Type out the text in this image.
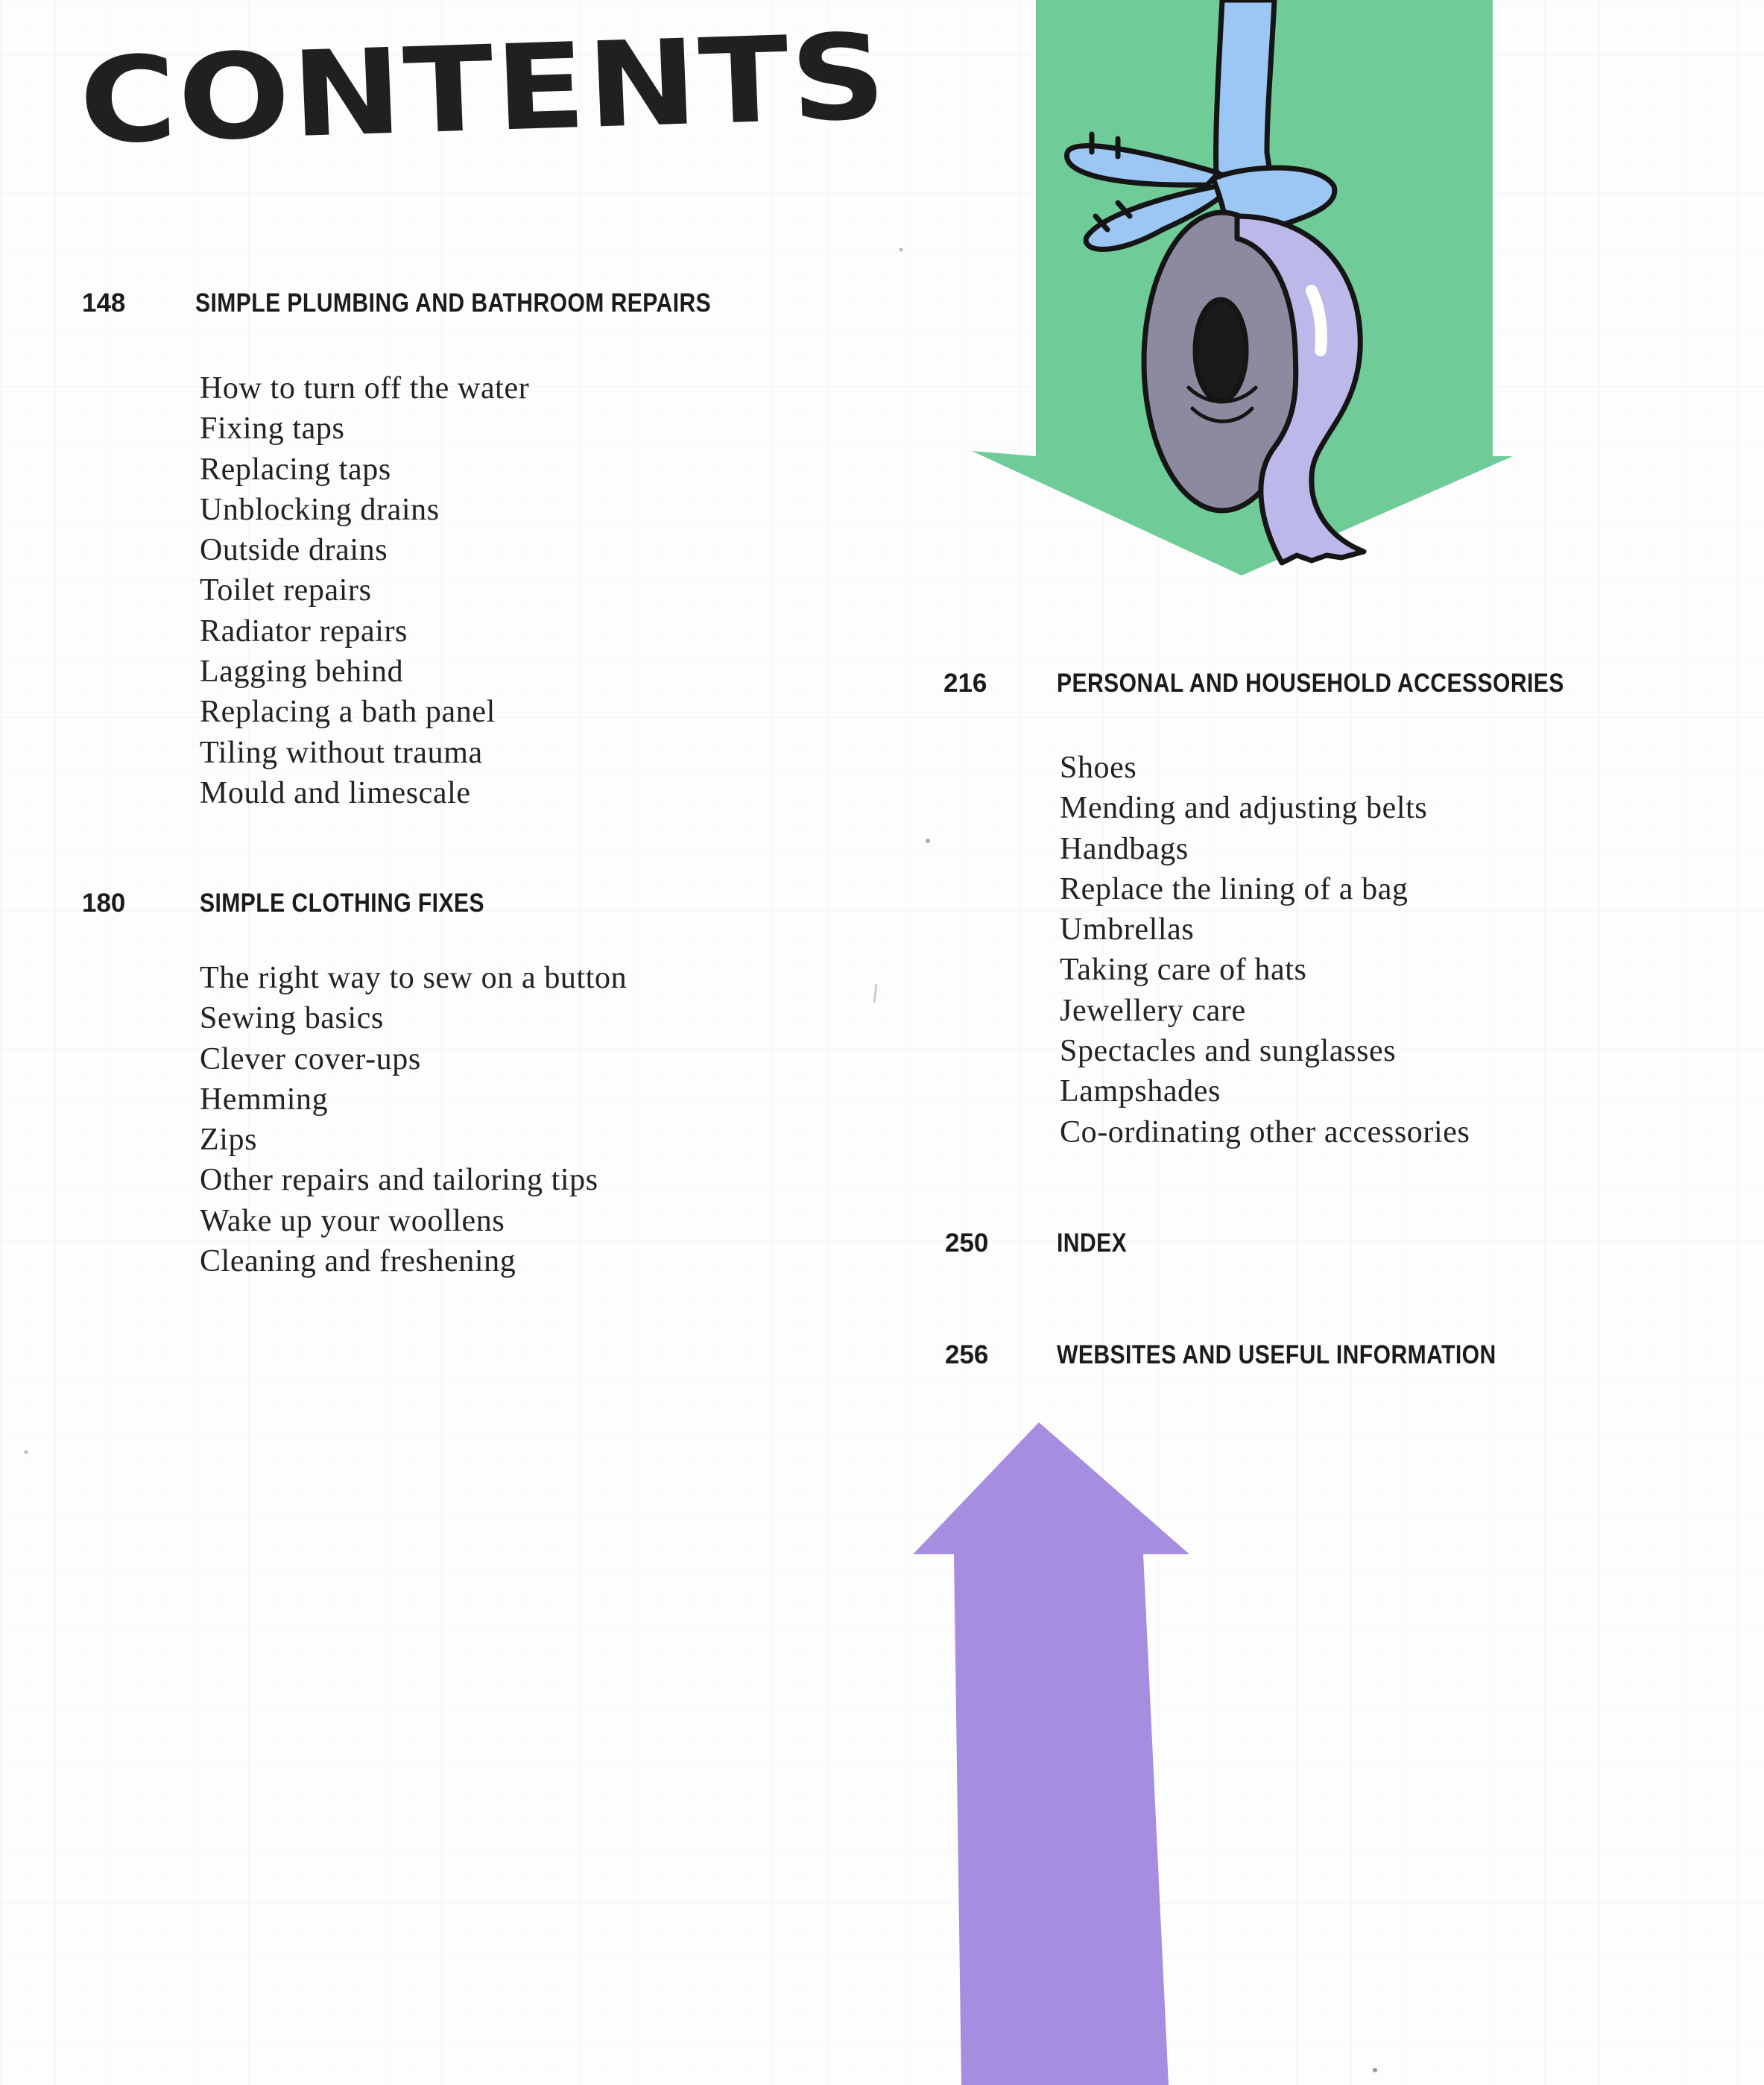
CONTENTS
148	SIMPLE PLUMBING AND BATHROOM REPAIRS
How to turn off the water
Fixing taps
Replacing taps
Unblocking drains
Outside drains
Toilet repairs
Radiator repairs
Lagging behind
Replacing a bath panel
Tiling without trauma
Mould and limescale
180	SIMPLE CLOTHING FIXES
The right way to sew on a button
Sewing basics
Clever cover-ups
Hemming
Zips
Other repairs and tailoring tips
Wake up your woollens
Cleaning and freshening
216	PERSONAL AND HOUSEHOLD ACCESSORIES
Shoes
Mending and adjusting belts
Handbags
Replace the lining of a bag
Umbrellas
Taking care of hats
Jewellery care
Spectacles and sunglasses
Lampshades
Co-ordinating other accessories
250	INDEX
256	WEBSITES AND USEFUL INFORMATION
